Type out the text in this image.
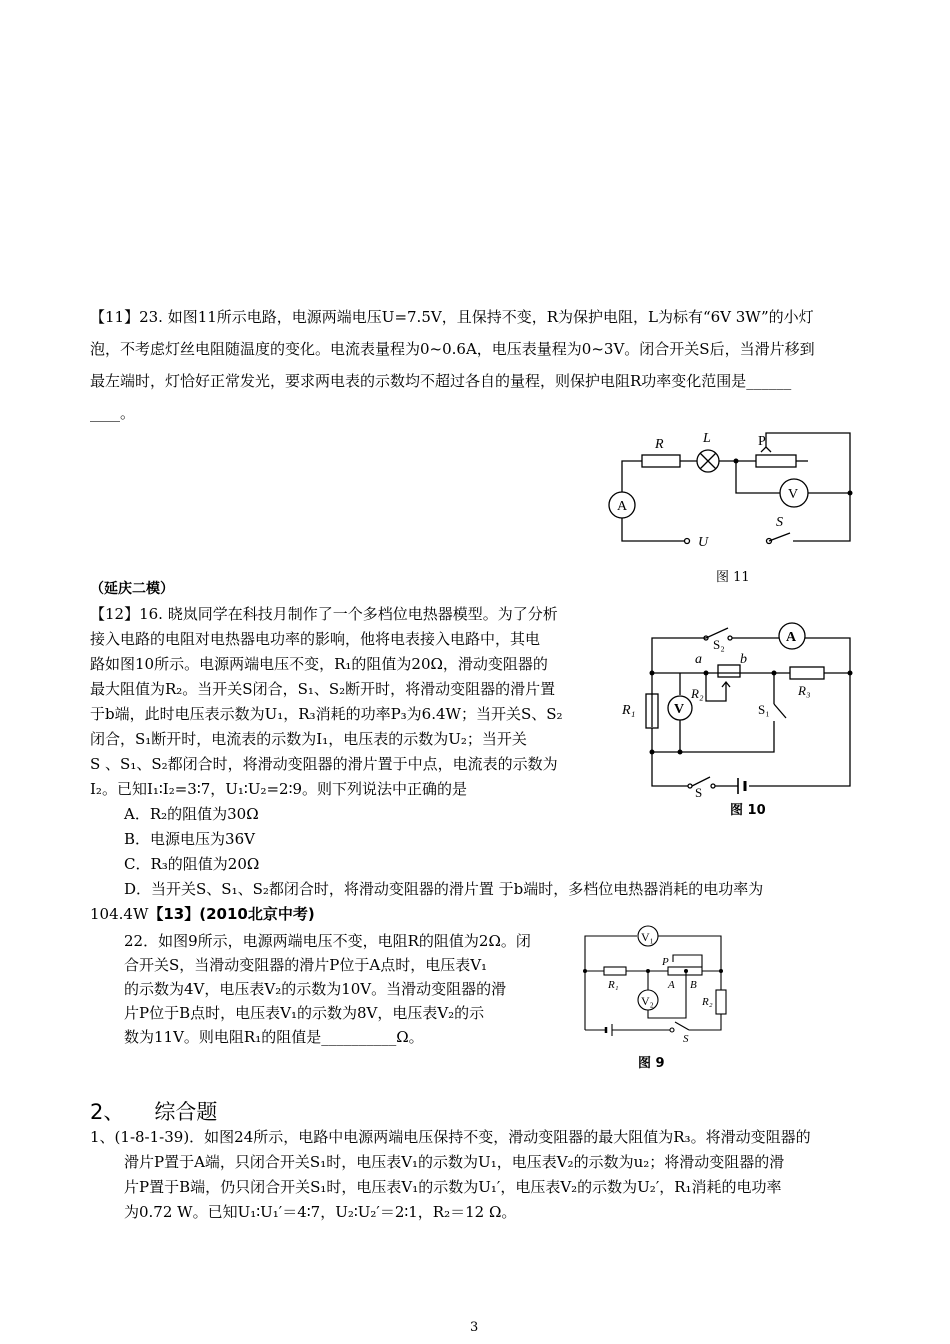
【11】23. 如图11所示电路，电源两端电压U=7.5V，且保持不变，R为保护电阻，L为标有“6V 3W”的小灯
泡，不考虑灯丝电阻随温度的变化。电流表量程为0~0.6A，电压表量程为0~3V。闭合开关S后，当滑片移到
最左端时，灯恰好正常发光，要求两电表的示数均不超过各自的量程，则保护电阻R功率变化范围是______
____。
R	L	P
A
V
S
U
图 11
（延庆二模）
【12】16. 晓岚同学在科技月制作了一个多档位电热器模型。为了分析
接入电路的电阻对电热器电功率的影响，他将电表接入电路中，其电
路如图10所示。电源两端电压不变，R₁的阻值为20Ω，滑动变阻器的
最大阻值为R₂。当开关S闭合，S₁、S₂断开时，将滑动变阻器的滑片置
于b端，此时电压表示数为U₁，R₃消耗的功率P₃为6.4W；当开关S、S₂
闭合，S₁断开时，电流表的示数为I₁，电压表的示数为U₂；当开关
S 、S₁、S₂都闭合时，将滑动变阻器的滑片置于中点，电流表的示数为
I₂。已知I₁∶I₂=3∶7，U₁∶U₂=2∶9。则下列说法中正确的是
A．R₂的阻值为30Ω
B．电源电压为36V
C．R₃的阻值为20Ω
D．当开关S、S₁、S₂都闭合时，将滑动变阻器的滑片置 于b端时，多档位电热器消耗的电功率为
104.4W【13】(2010北京中考)
S₂	A
a	b
R₂	R₃
R₁	V	S₁
S
图 10
22．如图9所示，电源两端电压不变，电阻R的阻值为2Ω。闭
合开关S，当滑动变阻器的滑片P位于A点时，电压表V₁
的示数为4V，电压表V₂的示数为10V。当滑动变阻器的滑
片P位于B点时，电压表V₁的示数为8V，电压表V₂的示
数为11V。则电阻R₁的阻值是__________Ω。
V₁
V₂
P
A B
R₁
R₂
S
图 9
2、 综合题
1、(1-8-1-39)．如图24所示，电路中电源两端电压保持不变，滑动变阻器的最大阻值为R₃。将滑动变阻器的
滑片P置于A端，只闭合开关S₁时，电压表V₁的示数为U₁，电压表V₂的示数为u₂；将滑动变阻器的滑
片P置于B端，仍只闭合开关S₁时，电压表V₁的示数为U₁′，电压表V₂的示数为U₂′，R₁消耗的电功率
为0.72 W。已知U₁∶U₁′＝4∶7，U₂∶U₂′＝2∶1，R₂＝12 Ω。
3
